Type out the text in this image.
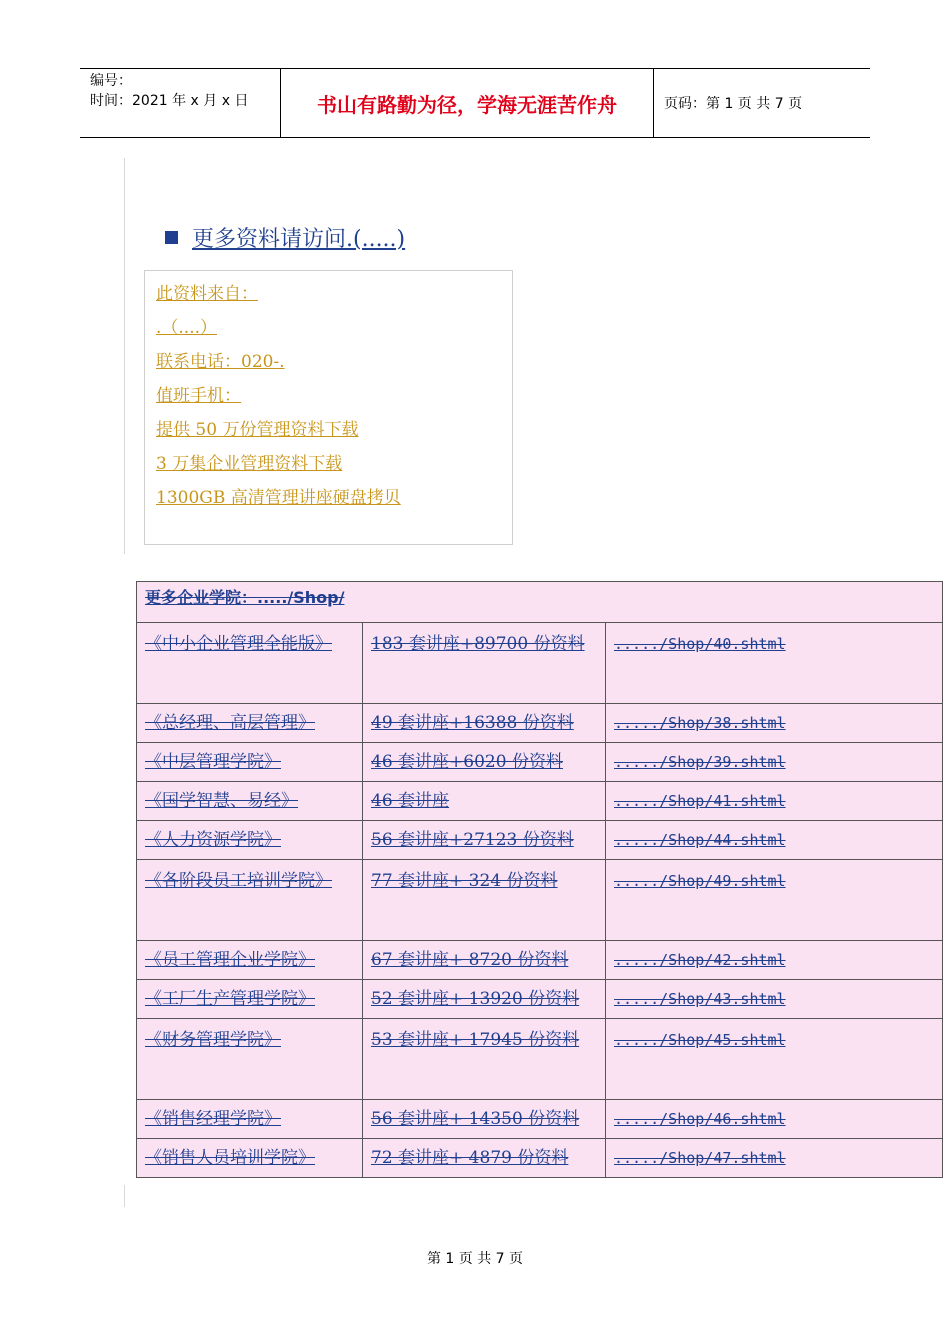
编号：
时间：2021 年 x 月 x 日	书山有路勤为径，学海无涯苦作舟	页码：第 1 页 共 7 页
更多资料请访问.(.....)
此资料来自：
.（....）
联系电话：020-.
值班手机：
提供 50 万份管理资料下载
3 万集企业管理资料下载
1300GB 高清管理讲座硬盘拷贝
更多企业学院：...../Shop/		
《中小企业管理全能版》	183 套讲座+89700 份资料	...../Shop/40.shtml
《总经理、高层管理》	49 套讲座+16388 份资料	...../Shop/38.shtml
《中层管理学院》	46 套讲座+6020 份资料	...../Shop/39.shtml
《国学智慧、易经》	46 套讲座	...../Shop/41.shtml
《人力资源学院》	56 套讲座+27123 份资料	...../Shop/44.shtml
《各阶段员工培训学院》	77 套讲座+ 324 份资料	...../Shop/49.shtml
《员工管理企业学院》	67 套讲座+ 8720 份资料	...../Shop/42.shtml
《工厂生产管理学院》	52 套讲座+ 13920 份资料	...../Shop/43.shtml
《财务管理学院》	53 套讲座+ 17945 份资料	...../Shop/45.shtml
《销售经理学院》	56 套讲座+ 14350 份资料	...../Shop/46.shtml
《销售人员培训学院》	72 套讲座+ 4879 份资料	...../Shop/47.shtml
第 1 页 共 7 页
